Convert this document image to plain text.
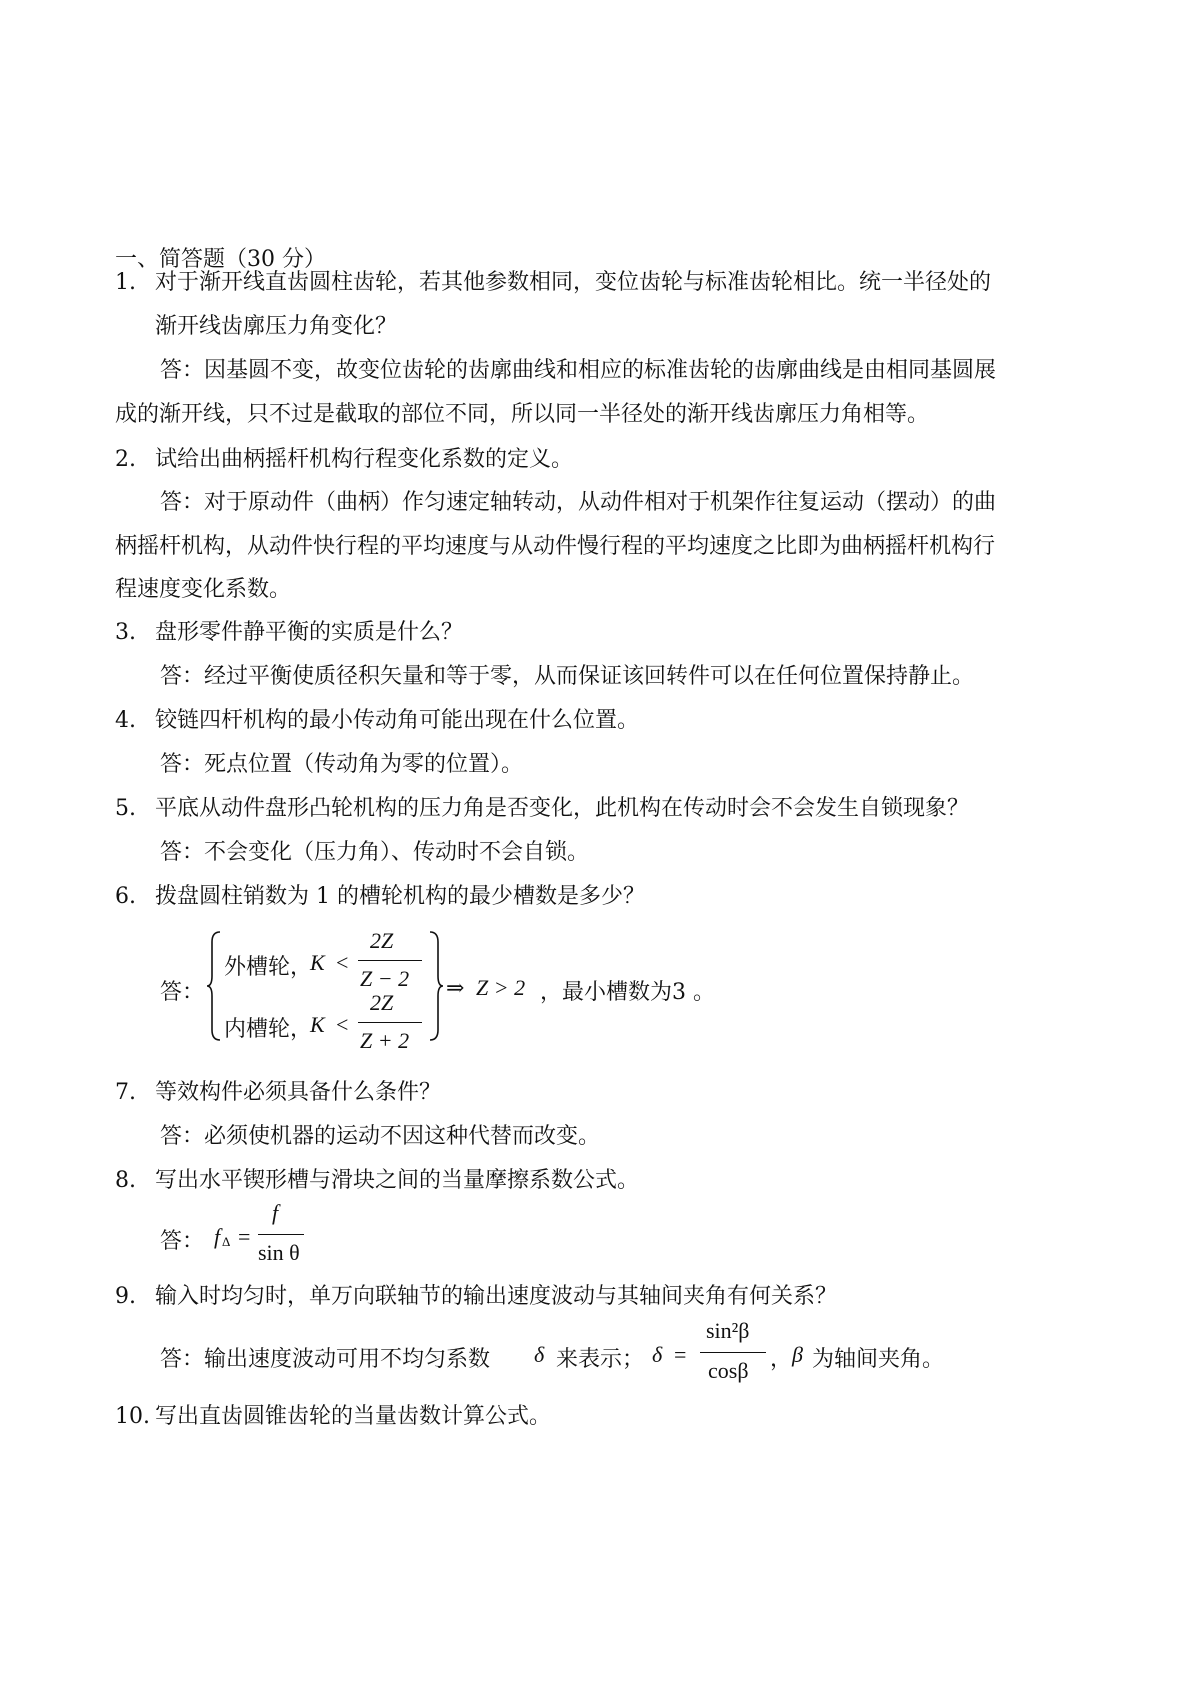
一、简答题（30 分）
1. 对于渐开线直齿圆柱齿轮，若其他参数相同，变位齿轮与标准齿轮相比。统一半径处的
渐开线齿廓压力角变化？
答：因基圆不变，故变位齿轮的齿廓曲线和相应的标准齿轮的齿廓曲线是由相同基圆展
成的渐开线，只不过是截取的部位不同，所以同一半径处的渐开线齿廓压力角相等。
2. 试给出曲柄摇杆机构行程变化系数的定义。
答：对于原动件（曲柄）作匀速定轴转动，从动件相对于机架作往复运动（摆动）的曲
柄摇杆机构，从动件快行程的平均速度与从动件慢行程的平均速度之比即为曲柄摇杆机构行
程速度变化系数。
3. 盘形零件静平衡的实质是什么？
答：经过平衡使质径积矢量和等于零，从而保证该回转件可以在任何位置保持静止。
4. 铰链四杆机构的最小传动角可能出现在什么位置。
答：死点位置（传动角为零的位置）。
5. 平底从动件盘形凸轮机构的压力角是否变化，此机构在传动时会不会发生自锁现象？
答：不会变化（压力角）、传动时不会自锁。
6. 拨盘圆柱销数为 1 的槽轮机构的最少槽数是多少？
答：
外槽轮，
K <
2Z
Z − 2
内槽轮，
K <
2Z
Z + 2
⇒ Z > 2 ，最小槽数为3 。
7. 等效构件必须具备什么条件？
答：必须使机器的运动不因这种代替而改变。
8. 写出水平锲形槽与滑块之间的当量摩擦系数公式。
答： f Δ =
f
sin θ
9. 输入时均匀时，单万向联轴节的输出速度波动与其轴间夹角有何关系？
答：输出速度波动可用不均匀系数 δ 来表示； δ =
sin²β
cosβ ， β 为轴间夹角。
10. 写出直齿圆锥齿轮的当量齿数计算公式。
